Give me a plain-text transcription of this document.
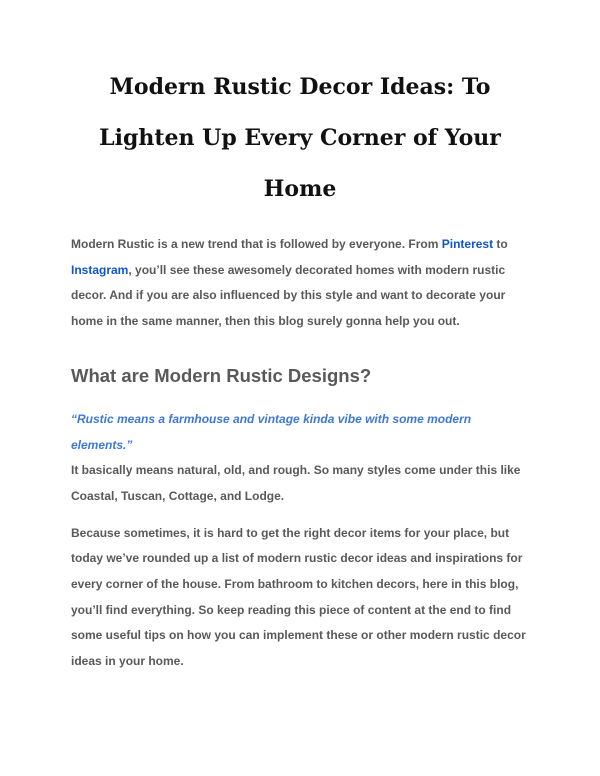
Modern Rustic Decor Ideas: To
Lighten Up Every Corner of Your
Home

Modern Rustic is a new trend that is followed by everyone. From Pinterest to Instagram, you’ll see these awesomely decorated homes with modern rustic decor. And if you are also influenced by this style and want to decorate your home in the same manner, then this blog surely gonna help you out.

What are Modern Rustic Designs?

“Rustic means a farmhouse and vintage kinda vibe with some modern elements.”
It basically means natural, old, and rough. So many styles come under this like Coastal, Tuscan, Cottage, and Lodge.

Because sometimes, it is hard to get the right decor items for your place, but today we’ve rounded up a list of modern rustic decor ideas and inspirations for every corner of the house. From bathroom to kitchen decors, here in this blog, you’ll find everything. So keep reading this piece of content at the end to find some useful tips on how you can implement these or other modern rustic decor ideas in your home.
